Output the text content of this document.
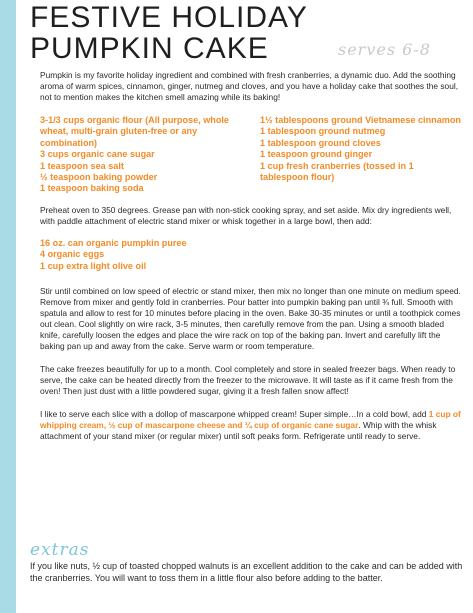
FESTIVE HOLIDAY
PUMPKIN CAKE	serves 6-8

Pumpkin is my favorite holiday ingredient and combined with fresh cranberries, a dynamic duo. Add the soothing aroma of warm spices, cinnamon, ginger, nutmeg and cloves, and you have a holiday cake that soothes the soul, not to mention makes the kitchen smell amazing while its baking!

3-1/3 cups organic flour (All purpose, whole wheat, multi-grain gluten-free or any combination)
3 cups organic cane sugar
1 teaspoon sea salt
½ teaspoon baking powder
1 teaspoon baking soda
1½ tablespoons ground Vietnamese cinnamon
1 tablespoon ground nutmeg
1 tablespoon ground cloves
1 teaspoon ground ginger
1 cup fresh cranberries (tossed in 1 tablespoon flour)

Preheat oven to 350 degrees. Grease pan with non-stick cooking spray, and set aside. Mix dry ingredients well, with paddle attachment of electric stand mixer or whisk together in a large bowl, then add:

16 oz. can organic pumpkin puree
4 organic eggs
1 cup extra light olive oil

Stir until combined on low speed of electric or stand mixer, then mix no longer than one minute on medium speed. Remove from mixer and gently fold in cranberries. Pour batter into pumpkin baking pan until ¾ full. Smooth with spatula and allow to rest for 10 minutes before placing in the oven. Bake 30-35 minutes or until a toothpick comes out clean. Cool slightly on wire rack, 3-5 minutes, then carefully remove from the pan. Using a smooth bladed knife, carefully loosen the edges and place the wire rack on top of the baking pan. Invert and carefully lift the baking pan up and away from the cake. Serve warm or room temperature.

The cake freezes beautifully for up to a month. Cool completely and store in sealed freezer bags. When ready to serve, the cake can be heated directly from the freezer to the microwave. It will taste as if it came fresh from the oven! Then just dust with a little powdered sugar, giving it a fresh fallen snow affect!

I like to serve each slice with a dollop of mascarpone whipped cream! Super simple…In a cold bowl, add 1 cup of whipping cream, ½ cup of mascarpone cheese and ¼ cup of organic cane sugar. Whip with the whisk attachment of your stand mixer (or regular mixer) until soft peaks form. Refrigerate until ready to serve.

extras

If you like nuts, ½ cup of toasted chopped walnuts is an excellent addition to the cake and can be added with the cranberries. You will want to toss them in a little flour also before adding to the batter.
